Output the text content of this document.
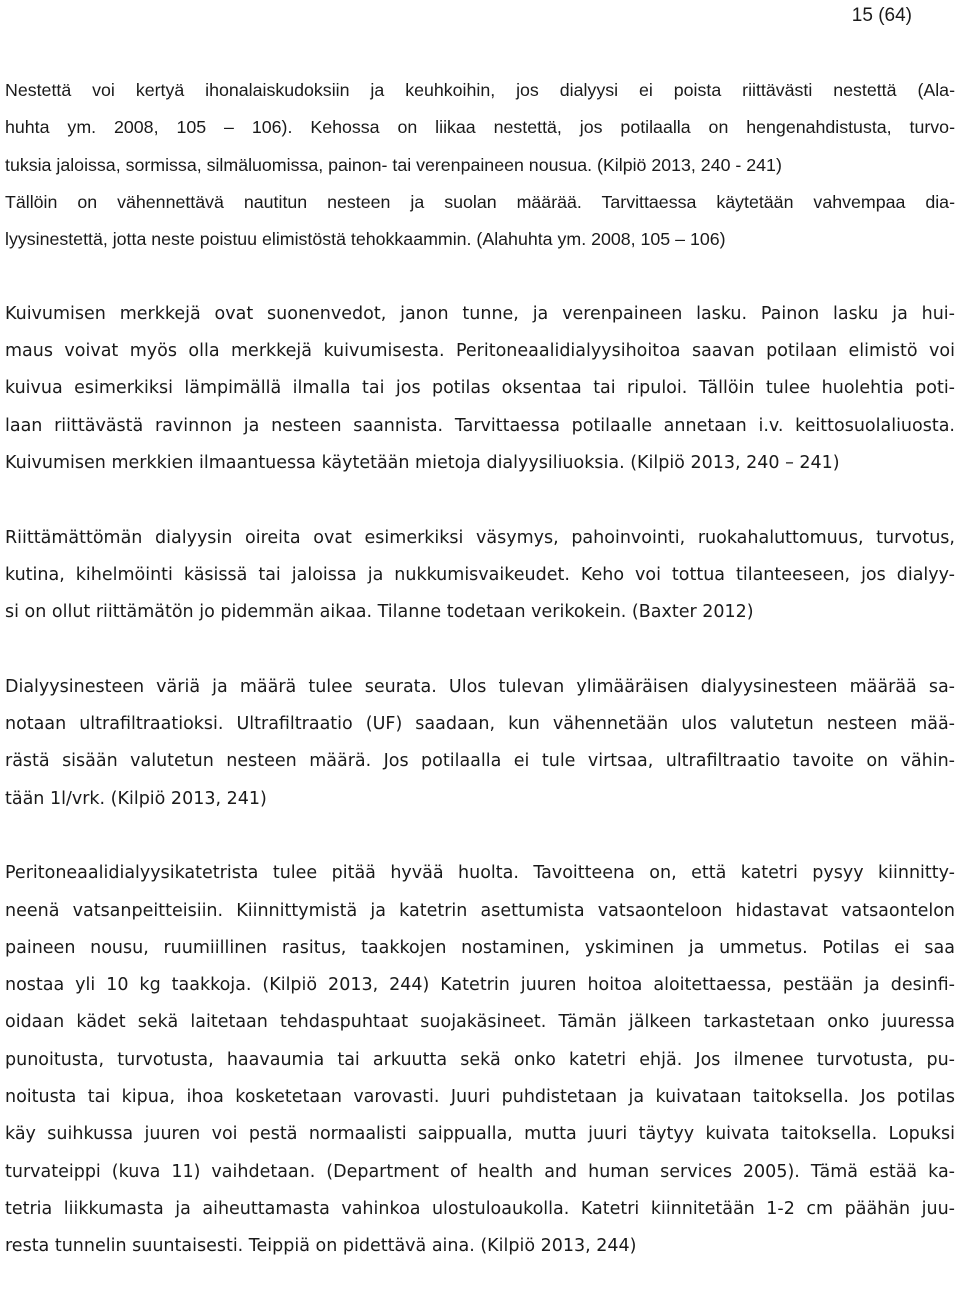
15 (64)
Nestettä voi kertyä ihonalaiskudoksiin ja keuhkoihin, jos dialyysi ei poista riittävästi nestettä (Ala-
huhta ym. 2008, 105 – 106). Kehossa on liikaa nestettä, jos potilaalla on hengenahdistusta, turvo-
tuksia jaloissa, sormissa, silmäluomissa, painon- tai verenpaineen nousua. (Kilpiö 2013, 240 - 241)
Tällöin on vähennettävä nautitun nesteen ja suolan määrää. Tarvittaessa käytetään vahvempaa dia-
lyysinestettä, jotta neste poistuu elimistöstä tehokkaammin. (Alahuhta ym. 2008, 105 – 106)
Kuivumisen merkkejä ovat suonenvedot, janon tunne, ja verenpaineen lasku. Painon lasku ja hui-
maus voivat myös olla merkkejä kuivumisesta. Peritoneaalidialyysihoitoa saavan potilaan elimistö voi
kuivua esimerkiksi lämpimällä ilmalla tai jos potilas oksentaa tai ripuloi. Tällöin tulee huolehtia poti-
laan riittävästä ravinnon ja nesteen saannista. Tarvittaessa potilaalle annetaan i.v. keittosuolaliuosta.
Kuivumisen merkkien ilmaantuessa käytetään mietoja dialyysiliuoksia. (Kilpiö 2013, 240 – 241)
Riittämättömän dialyysin oireita ovat esimerkiksi väsymys, pahoinvointi, ruokahaluttomuus, turvotus,
kutina, kihelmöinti käsissä tai jaloissa ja nukkumisvaikeudet. Keho voi tottua tilanteeseen, jos dialyy-
si on ollut riittämätön jo pidemmän aikaa. Tilanne todetaan verikokein. (Baxter 2012)
Dialyysinesteen väriä ja määrä tulee seurata. Ulos tulevan ylimääräisen dialyysinesteen määrää sa-
notaan ultrafiltraatioksi. Ultrafiltraatio (UF) saadaan, kun vähennetään ulos valutetun nesteen mää-
rästä sisään valutetun nesteen määrä. Jos potilaalla ei tule virtsaa, ultrafiltraatio tavoite on vähin-
tään 1l/vrk. (Kilpiö 2013, 241)
Peritoneaalidialyysikatetrista tulee pitää hyvää huolta. Tavoitteena on, että katetri pysyy kiinnitty-
neenä vatsanpeitteisiin. Kiinnittymistä ja katetrin asettumista vatsaonteloon hidastavat vatsaontelon
paineen nousu, ruumiillinen rasitus, taakkojen nostaminen, yskiminen ja ummetus. Potilas ei saa
nostaa yli 10 kg taakkoja. (Kilpiö 2013, 244) Katetrin juuren hoitoa aloitettaessa, pestään ja desinfi-
oidaan kädet sekä laitetaan tehdaspuhtaat suojakäsineet. Tämän jälkeen tarkastetaan onko juuressa
punoitusta, turvotusta, haavaumia tai arkuutta sekä onko katetri ehjä. Jos ilmenee turvotusta, pu-
noitusta tai kipua, ihoa kosketetaan varovasti. Juuri puhdistetaan ja kuivataan taitoksella. Jos potilas
käy suihkussa juuren voi pestä normaalisti saippualla, mutta juuri täytyy kuivata taitoksella. Lopuksi
turvateippi (kuva 11) vaihdetaan. (Department of health and human services 2005). Tämä estää ka-
tetria liikkumasta ja aiheuttamasta vahinkoa ulostuloaukolla. Katetri kiinnitetään 1-2 cm päähän juu-
resta tunnelin suuntaisesti. Teippiä on pidettävä aina. (Kilpiö 2013, 244)
